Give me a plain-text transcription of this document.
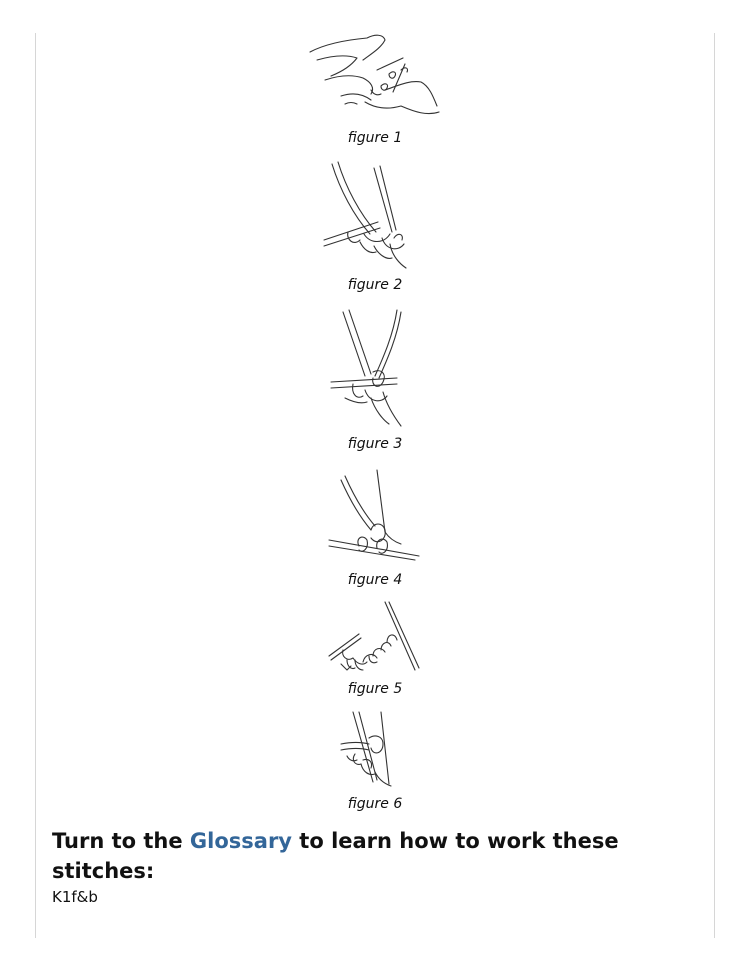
figure 1
figure 2
figure 3
figure 4
figure 5
figure 6
Turn to the Glossary to learn how to work these stitches:
K1f&b
